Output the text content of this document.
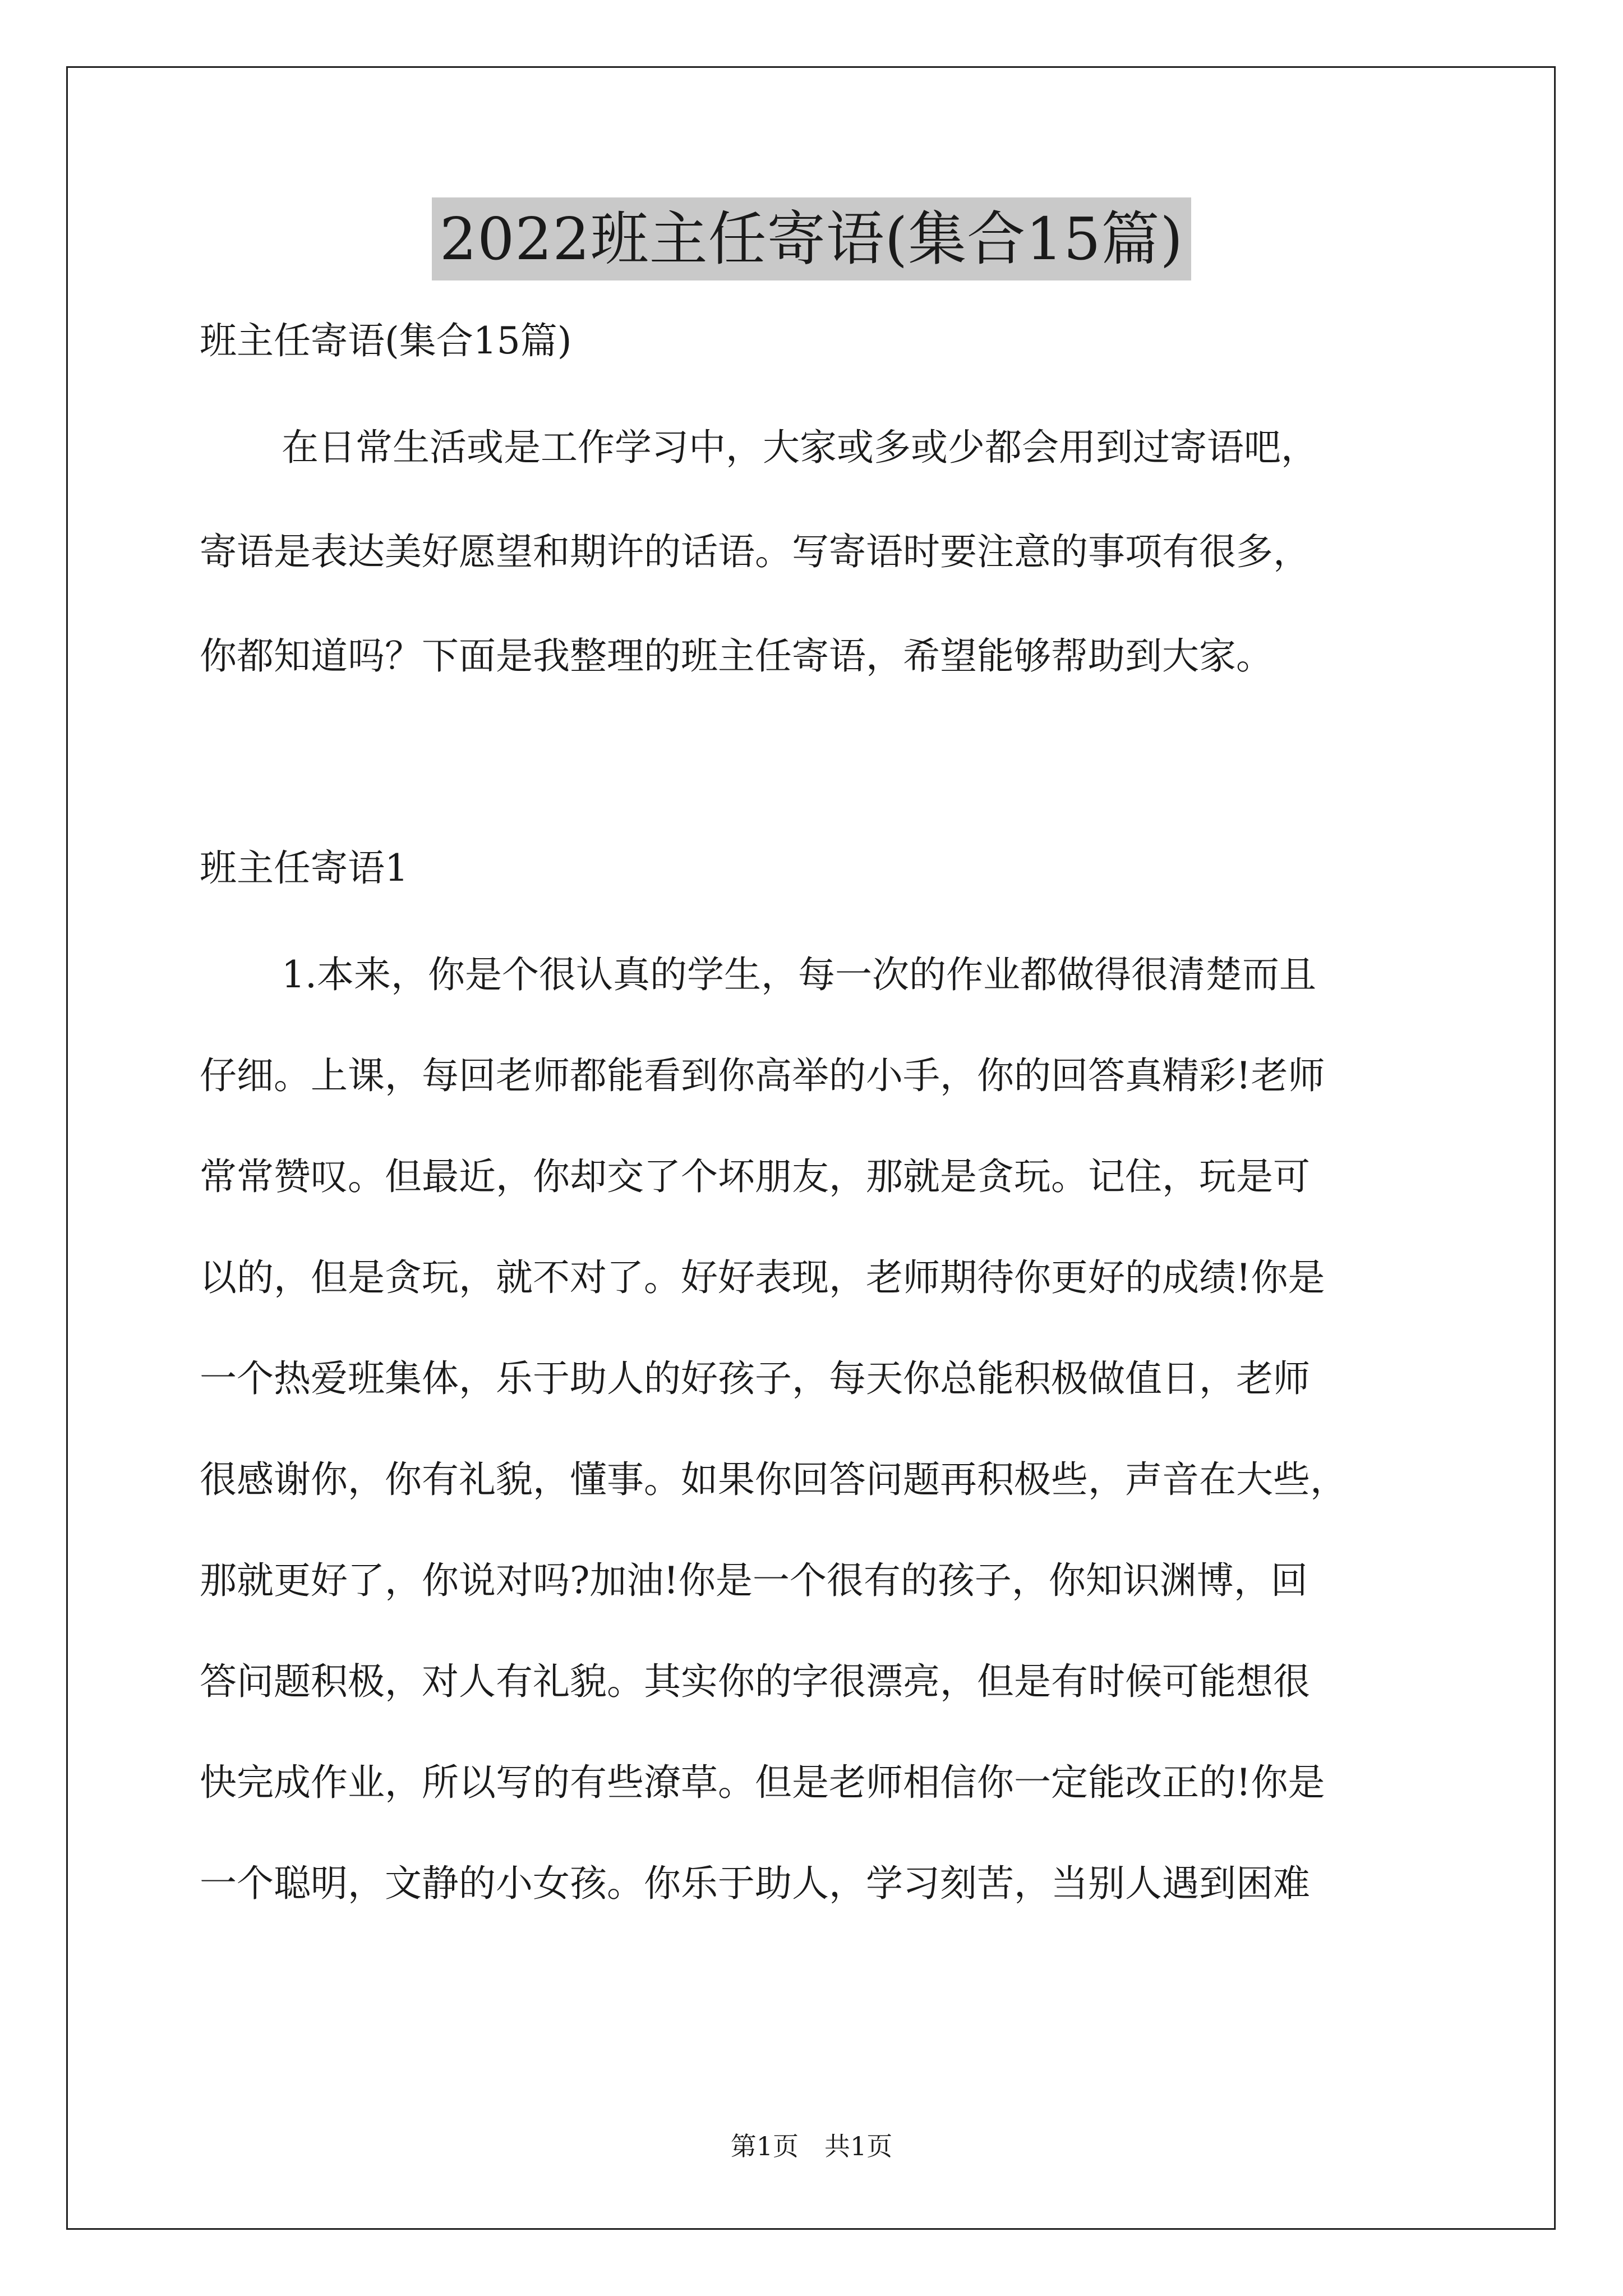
2022班主任寄语(集合15篇)
班主任寄语(集合15篇)
在日常生活或是工作学习中，大家或多或少都会用到过寄语吧，
寄语是表达美好愿望和期许的话语。写寄语时要注意的事项有很多，
你都知道吗？下面是我整理的班主任寄语，希望能够帮助到大家。
班主任寄语1
1.本来，你是个很认真的学生，每一次的作业都做得很清楚而且
仔细。上课，每回老师都能看到你高举的小手，你的回答真精彩!老师
常常赞叹。但最近，你却交了个坏朋友，那就是贪玩。记住，玩是可
以的，但是贪玩，就不对了。好好表现，老师期待你更好的成绩!你是
一个热爱班集体，乐于助人的好孩子，每天你总能积极做值日，老师
很感谢你，你有礼貌，懂事。如果你回答问题再积极些，声音在大些，
那就更好了，你说对吗?加油!你是一个很有的孩子，你知识渊博，回
答问题积极，对人有礼貌。其实你的字很漂亮，但是有时候可能想很
快完成作业，所以写的有些潦草。但是老师相信你一定能改正的!你是
一个聪明，文静的小女孩。你乐于助人，学习刻苦，当别人遇到困难
第1页　共1页
